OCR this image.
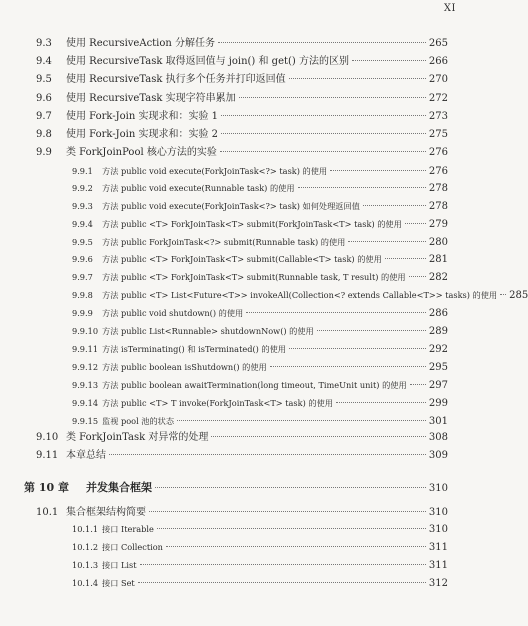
XI
9.3	使用 RecursiveAction 分解任务	265
9.4	使用 RecursiveTask 取得返回值与 join() 和 get() 方法的区别	266
9.5	使用 RecursiveTask 执行多个任务并打印返回值	270
9.6	使用 RecursiveTask 实现字符串累加	272
9.7	使用 Fork-Join 实现求和：实验 1	273
9.8	使用 Fork-Join 实现求和：实验 2	275
9.9	类 ForkJoinPool 核心方法的实验	276
9.9.1	方法 public void execute(ForkJoinTask<?> task) 的使用	276
9.9.2	方法 public void execute(Runnable task) 的使用	278
9.9.3	方法 public void execute(ForkJoinTask<?> task) 如何处理返回值	278
9.9.4	方法 public <T> ForkJoinTask<T> submit(ForkJoinTask<T> task) 的使用	279
9.9.5	方法 public ForkJoinTask<?> submit(Runnable task) 的使用	280
9.9.6	方法 public <T> ForkJoinTask<T> submit(Callable<T> task) 的使用	281
9.9.7	方法 public <T> ForkJoinTask<T> submit(Runnable task, T result) 的使用 282
9.9.8	方法 public <T> List<Future<T>> invokeAll(Collection<? extends Callable<T>> tasks) 的使用 285
9.9.9	方法 public void shutdown() 的使用	286
9.9.10 方法 public List<Runnable> shutdownNow() 的使用	289
9.9.11 方法 isTerminating() 和 isTerminated() 的使用	292
9.9.12 方法 public boolean isShutdown() 的使用	295
9.9.13 方法 public boolean awaitTermination(long timeout, TimeUnit unit) 的使用 297
9.9.14 方法 public <T> T invoke(ForkJoinTask<T> task) 的使用	299
9.9.15 监视 pool 池的状态	301
9.10 类 ForkJoinTask 对异常的处理	308
9.11 本章总结	309
第 10 章	并发集合框架	310
10.1 集合框架结构简要	310
10.1.1 接口 Iterable	310
10.1.2 接口 Collection	311
10.1.3 接口 List	311
10.1.4 接口 Set	312
